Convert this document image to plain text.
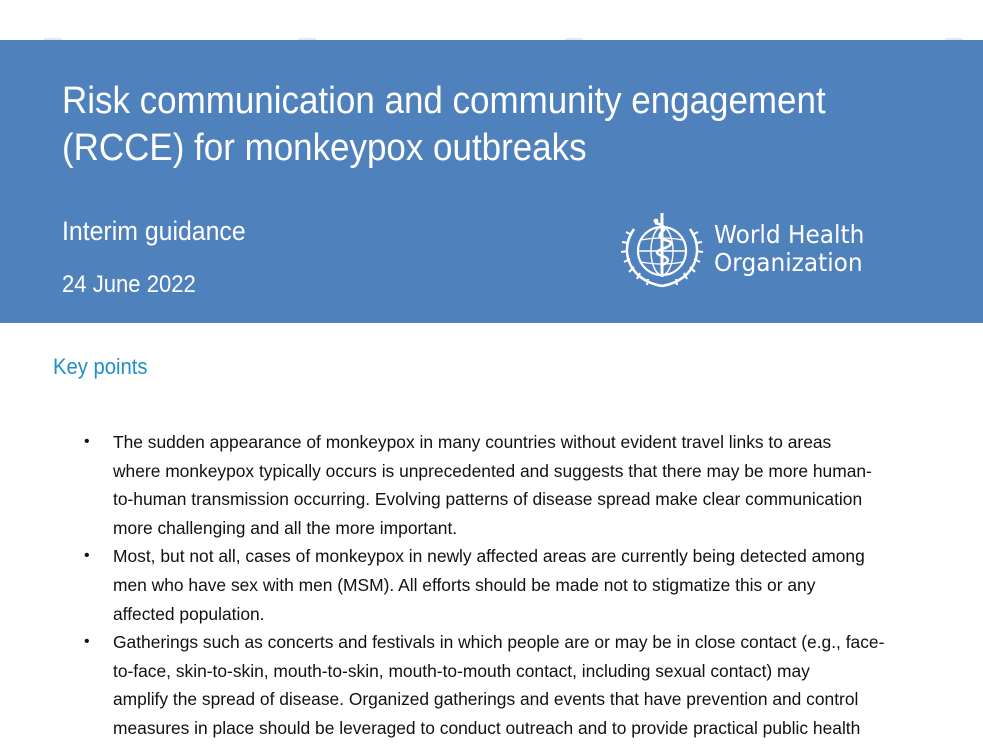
Risk communication and community engagement
(RCCE) for monkeypox outbreaks

Interim guidance

24 June 2022

World Health
Organization
Key points
•	The sudden appearance of monkeypox in many countries without evident travel links to areas
where monkeypox typically occurs is unprecedented and suggests that there may be more human-
to-human transmission occurring. Evolving patterns of disease spread make clear communication
more challenging and all the more important.
•	Most, but not all, cases of monkeypox in newly affected areas are currently being detected among
men who have sex with men (MSM). All efforts should be made not to stigmatize this or any
affected population.
•	Gatherings such as concerts and festivals in which people are or may be in close contact (e.g., face-
to-face, skin-to-skin, mouth-to-skin, mouth-to-mouth contact, including sexual contact) may
amplify the spread of disease. Organized gatherings and events that have prevention and control
measures in place should be leveraged to conduct outreach and to provide practical public health
